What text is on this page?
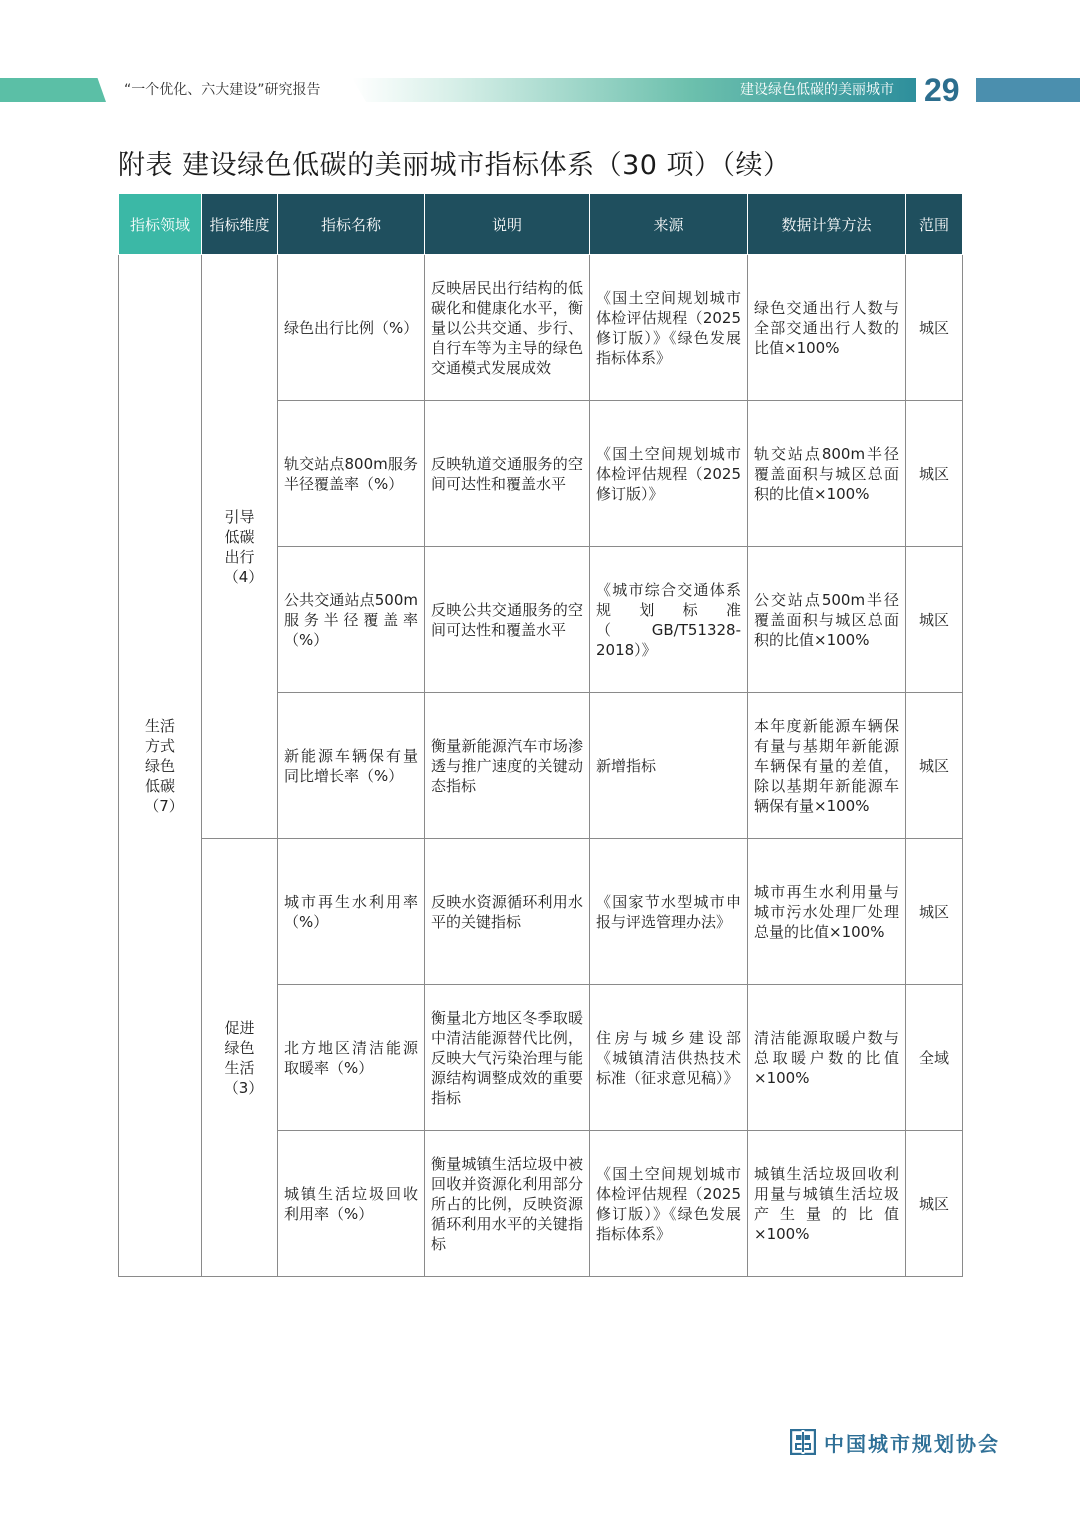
“一个优化、六大建设”研究报告	建设绿色低碳的美丽城市 29
附表 建设绿色低碳的美丽城市指标体系（30 项）（续）
指标领域	指标维度	指标名称	说明	来源	数据计算方法	范围

生活方式绿色低碳（7）	引导低碳出行（4）	绿色出行比例（%）	反映居民出行结构的低碳化和健康化水平，衡量以公共交通、步行、自行车等为主导的绿色交通模式发展成效	《国土空间规划城市体检评估规程（2025修订版）》《绿色发展指标体系》	绿色交通出行人数与全部交通出行人数的比值×100%	城区
		轨交站点800m服务半径覆盖率（%）	反映轨道交通服务的空间可达性和覆盖水平	《国土空间规划城市体检评估规程（2025修订版）》	轨交站点800m半径覆盖面积与城区总面积的比值×100%	城区
		公共交通站点500m服务半径覆盖率（%）	反映公共交通服务的空间可达性和覆盖水平	《城市综合交通体系规划标准（GB/T51328-2018）》	公交站点500m半径覆盖面积与城区总面积的比值×100%	城区
		新能源车辆保有量同比增长率（%）	衡量新能源汽车市场渗透与推广速度的关键动态指标	新增指标	本年度新能源车辆保有量与基期年新能源车辆保有量的差值，除以基期年新能源车辆保有量×100%	城区

	促进绿色生活（3）	城市再生水利用率（%）	反映水资源循环利用水平的关键指标	《国家节水型城市申报与评选管理办法》	城市再生水利用量与城市污水处理厂处理总量的比值×100%	城区
		北方地区清洁能源取暖率（%）	衡量北方地区冬季取暖中清洁能源替代比例，反映大气污染治理与能源结构调整成效的重要指标	住房与城乡建设部《城镇清洁供热技术标准（征求意见稿）》	清洁能源取暖户数与总取暖户数的比值×100%	全域
		城镇生活垃圾回收利用率（%）	衡量城镇生活垃圾中被回收并资源化利用部分所占的比例，反映资源循环利用水平的关键指标	《国土空间规划城市体检评估规程（2025修订版）》《绿色发展指标体系》	城镇生活垃圾回收利用量与城镇生活垃圾产生量的比值×100%	城区
中国城市规划协会
